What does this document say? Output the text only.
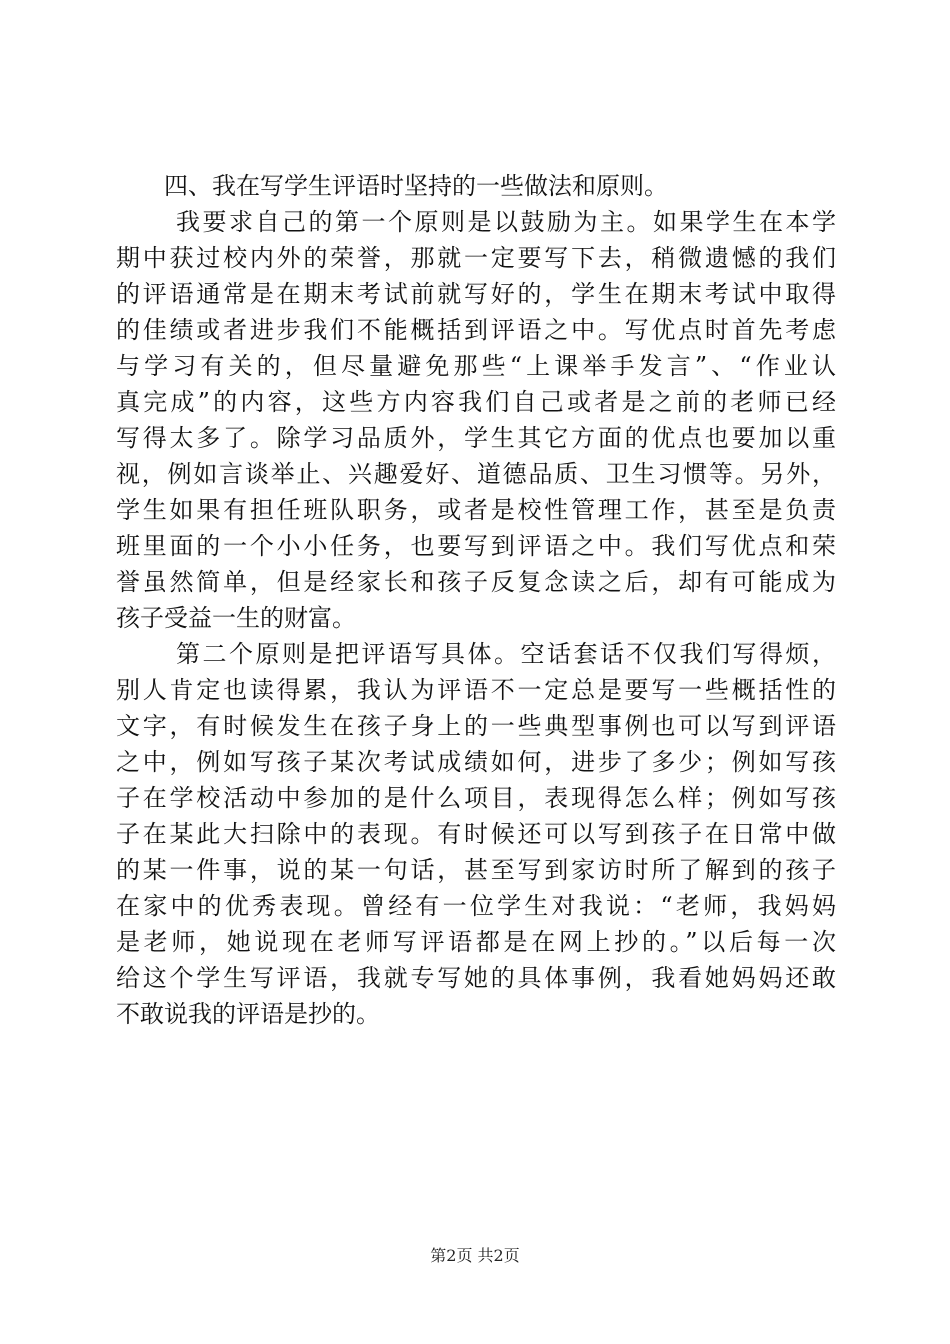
四、我在写学生评语时坚持的一些做法和原则。

我要求自己的第一个原则是以鼓励为主。如果学生在本学
期中获过校内外的荣誉，那就一定要写下去，稍微遗憾的我们
的评语通常是在期末考试前就写好的，学生在期末考试中取得
的佳绩或者进步我们不能概括到评语之中。写优点时首先考虑
与学习有关的，但尽量避免那些“上课举手发言”、“作业认
真完成”的内容，这些方内容我们自己或者是之前的老师已经
写得太多了。除学习品质外，学生其它方面的优点也要加以重
视，例如言谈举止、兴趣爱好、道德品质、卫生习惯等。另外，
学生如果有担任班队职务，或者是校性管理工作，甚至是负责
班里面的一个小小任务，也要写到评语之中。我们写优点和荣
誉虽然简单，但是经家长和孩子反复念读之后，却有可能成为
孩子受益一生的财富。
第二个原则是把评语写具体。空话套话不仅我们写得烦，
别人肯定也读得累，我认为评语不一定总是要写一些概括性的
文字，有时候发生在孩子身上的一些典型事例也可以写到评语
之中，例如写孩子某次考试成绩如何，进步了多少；例如写孩
子在学校活动中参加的是什么项目，表现得怎么样；例如写孩
子在某此大扫除中的表现。有时候还可以写到孩子在日常中做
的某一件事，说的某一句话，甚至写到家访时所了解到的孩子
在家中的优秀表现。曾经有一位学生对我说：“老师，我妈妈
是老师，她说现在老师写评语都是在网上抄的。”以后每一次
给这个学生写评语，我就专写她的具体事例，我看她妈妈还敢
不敢说我的评语是抄的。
第2页 共2页
